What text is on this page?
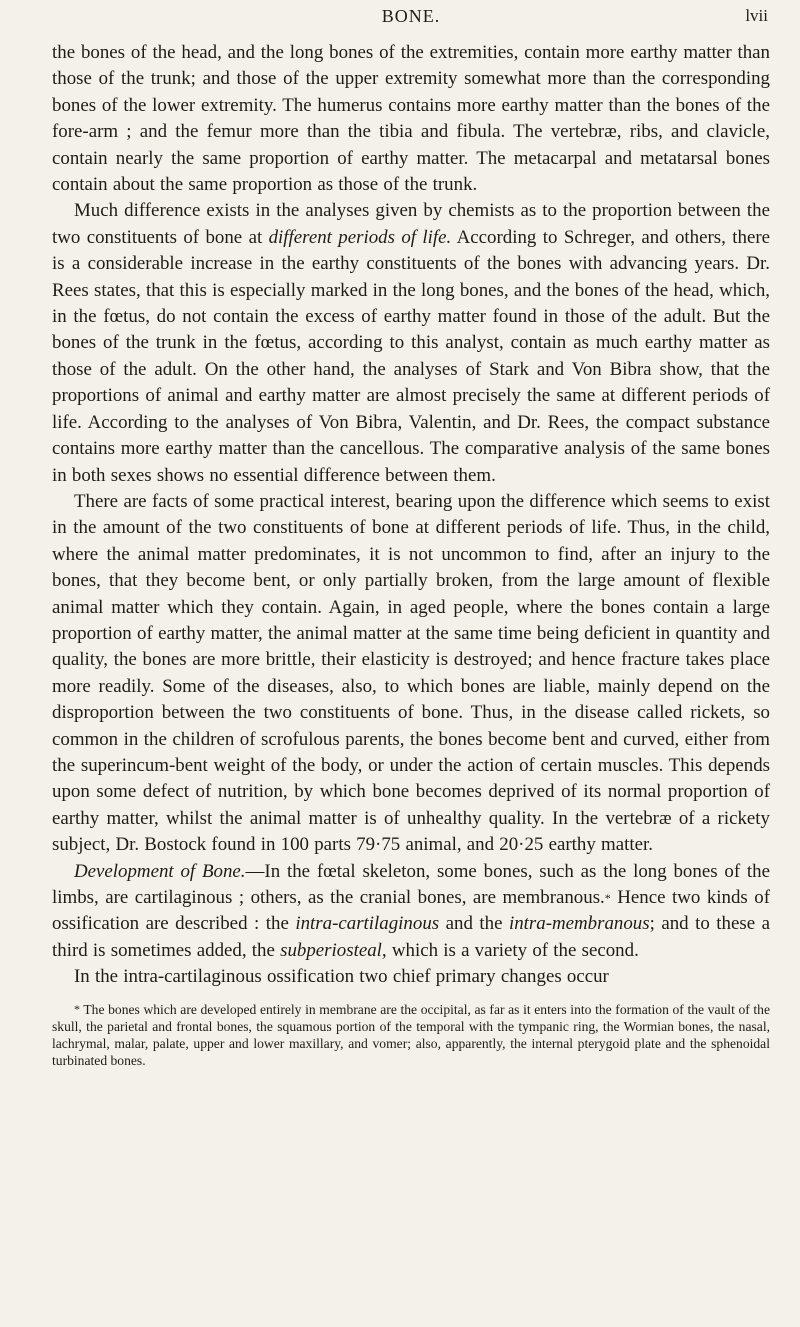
BONE.	lvii

the bones of the head, and the long bones of the extremities, contain more earthy matter than those of the trunk; and those of the upper extremity somewhat more than the corresponding bones of the lower extremity. The humerus contains more earthy matter than the bones of the fore-arm ; and the femur more than the tibia and fibula. The vertebræ, ribs, and clavicle, contain nearly the same proportion of earthy matter. The metacarpal and metatarsal bones contain about the same proportion as those of the trunk.

Much difference exists in the analyses given by chemists as to the proportion between the two constituents of bone at different periods of life. According to Schreger, and others, there is a considerable increase in the earthy constituents of the bones with advancing years. Dr. Rees states, that this is especially marked in the long bones, and the bones of the head, which, in the fœtus, do not contain the excess of earthy matter found in those of the adult. But the bones of the trunk in the fœtus, according to this analyst, contain as much earthy matter as those of the adult. On the other hand, the analyses of Stark and Von Bibra show, that the proportions of animal and earthy matter are almost precisely the same at different periods of life. According to the analyses of Von Bibra, Valentin, and Dr. Rees, the compact substance contains more earthy matter than the cancellous. The comparative analysis of the same bones in both sexes shows no essential difference between them.

There are facts of some practical interest, bearing upon the difference which seems to exist in the amount of the two constituents of bone at different periods of life. Thus, in the child, where the animal matter predominates, it is not uncommon to find, after an injury to the bones, that they become bent, or only partially broken, from the large amount of flexible animal matter which they contain. Again, in aged people, where the bones contain a large proportion of earthy matter, the animal matter at the same time being deficient in quantity and quality, the bones are more brittle, their elasticity is destroyed; and hence fracture takes place more readily. Some of the diseases, also, to which bones are liable, mainly depend on the disproportion between the two constituents of bone. Thus, in the disease called rickets, so common in the children of scrofulous parents, the bones become bent and curved, either from the superincum-bent weight of the body, or under the action of certain muscles. This depends upon some defect of nutrition, by which bone becomes deprived of its normal proportion of earthy matter, whilst the animal matter is of unhealthy quality. In the vertebræ of a rickety subject, Dr. Bostock found in 100 parts 79·75 animal, and 20·25 earthy matter.

Development of Bone.—In the fœtal skeleton, some bones, such as the long bones of the limbs, are cartilaginous ; others, as the cranial bones, are membranous.* Hence two kinds of ossification are described : the intra-cartilaginous and the intra-membranous; and to these a third is sometimes added, the subperiosteal, which is a variety of the second.

In the intra-cartilaginous ossification two chief primary changes occur

* The bones which are developed entirely in membrane are the occipital, as far as it enters into the formation of the vault of the skull, the parietal and frontal bones, the squamous portion of the temporal with the tympanic ring, the Wormian bones, the nasal, lachrymal, malar, palate, upper and lower maxillary, and vomer; also, apparently, the internal pterygoid plate and the sphenoidal turbinated bones.
